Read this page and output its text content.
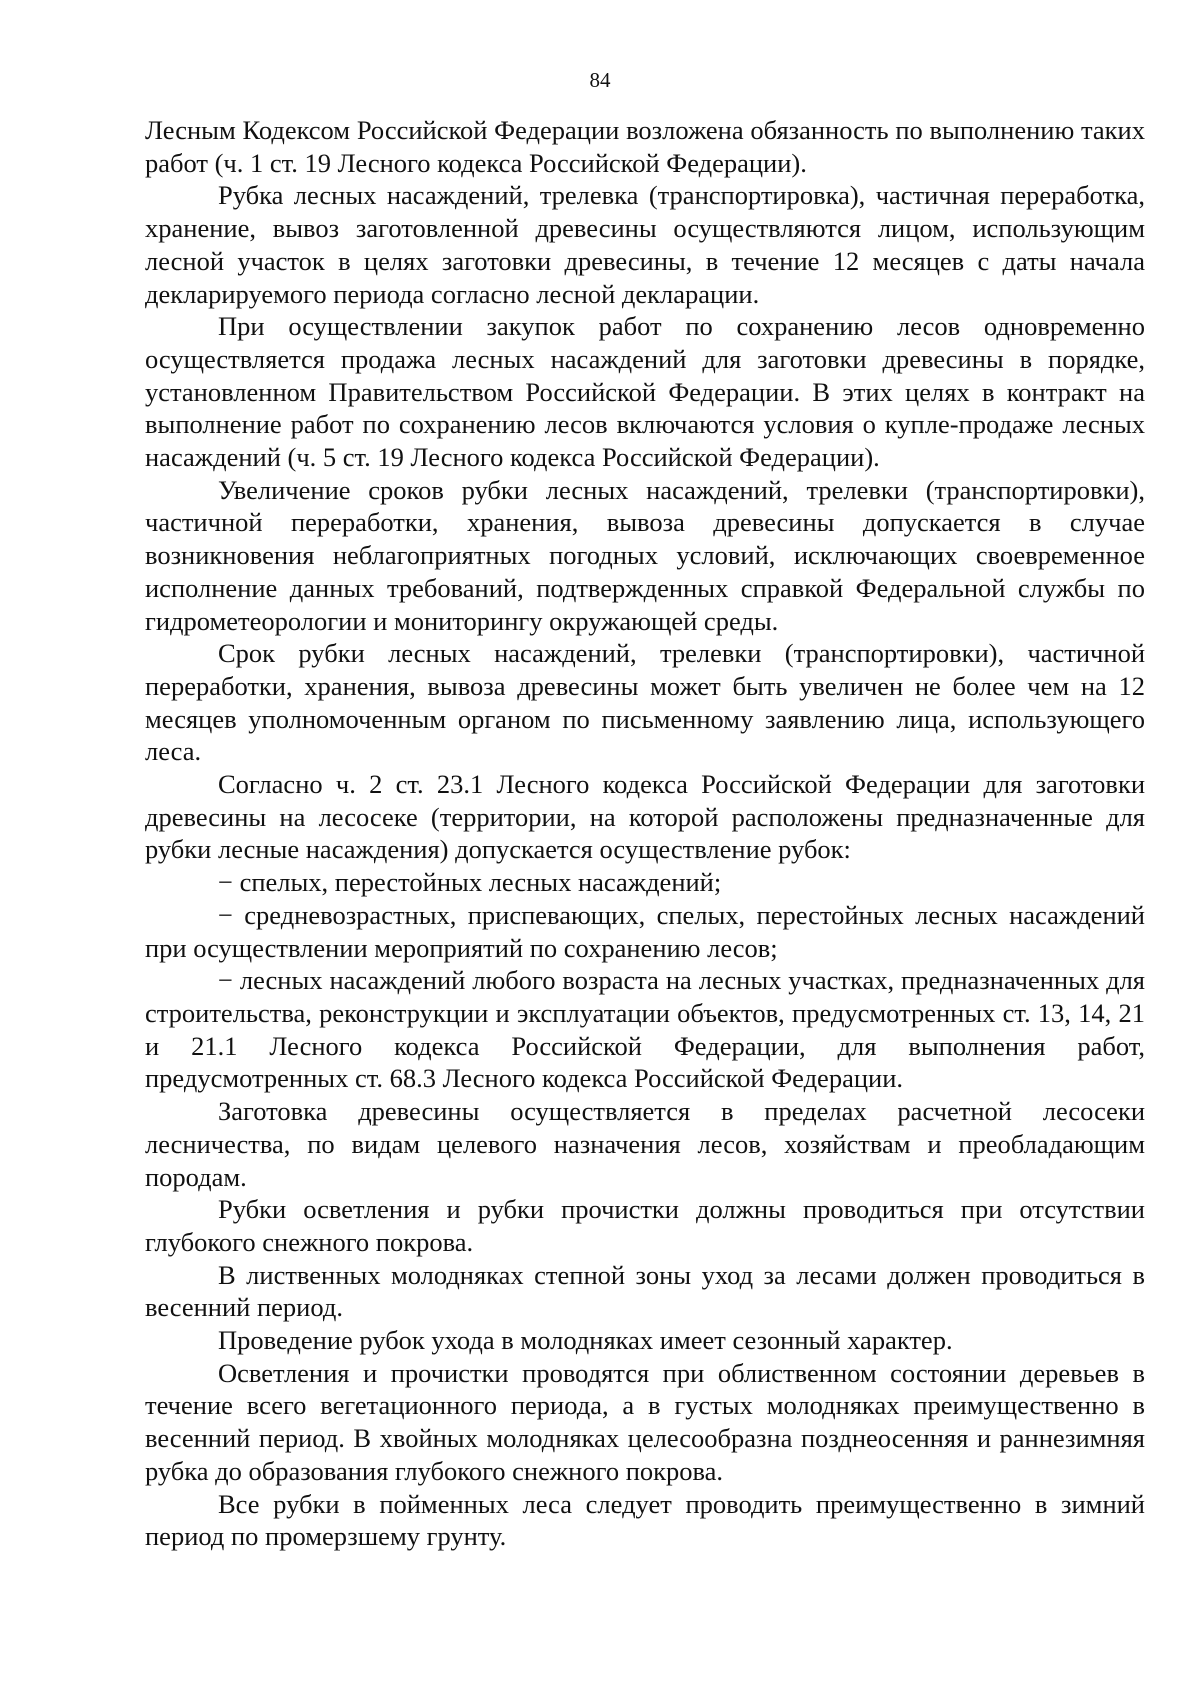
84

Лесным Кодексом Российской Федерации возложена обязанность по выполнению таких работ (ч. 1 ст. 19 Лесного кодекса Российской Федерации).

Рубка лесных насаждений, трелевка (транспортировка), частичная переработка, хранение, вывоз заготовленной древесины осуществляются лицом, использующим лесной участок в целях заготовки древесины, в течение 12 месяцев с даты начала декларируемого периода согласно лесной декларации.

При осуществлении закупок работ по сохранению лесов одновременно осуществляется продажа лесных насаждений для заготовки древесины в порядке, установленном Правительством Российской Федерации. В этих целях в контракт на выполнение работ по сохранению лесов включаются условия о купле-продаже лесных насаждений (ч. 5 ст. 19 Лесного кодекса Российской Федерации).

Увеличение сроков рубки лесных насаждений, трелевки (транспортировки), частичной переработки, хранения, вывоза древесины допускается в случае возникновения неблагоприятных погодных условий, исключающих своевременное исполнение данных требований, подтвержденных справкой Федеральной службы по гидрометеорологии и мониторингу окружающей среды.

Срок рубки лесных насаждений, трелевки (транспортировки), частичной переработки, хранения, вывоза древесины может быть увеличен не более чем на 12 месяцев уполномоченным органом по письменному заявлению лица, использующего леса.

Согласно ч. 2 ст. 23.1 Лесного кодекса Российской Федерации для заготовки древесины на лесосеке (территории, на которой расположены предназначенные для рубки лесные насаждения) допускается осуществление рубок:

− спелых, перестойных лесных насаждений;

− средневозрастных, приспевающих, спелых, перестойных лесных насаждений при осуществлении мероприятий по сохранению лесов;

− лесных насаждений любого возраста на лесных участках, предназначенных для строительства, реконструкции и эксплуатации объектов, предусмотренных ст. 13, 14, 21 и 21.1 Лесного кодекса Российской Федерации, для выполнения работ, предусмотренных ст. 68.3 Лесного кодекса Российской Федерации.

Заготовка древесины осуществляется в пределах расчетной лесосеки лесничества, по видам целевого назначения лесов, хозяйствам и преобладающим породам.

Рубки осветления и рубки прочистки должны проводиться при отсутствии глубокого снежного покрова.

В лиственных молодняках степной зоны уход за лесами должен проводиться в весенний период.

Проведение рубок ухода в молодняках имеет сезонный характер.

Осветления и прочистки проводятся при облиственном состоянии деревьев в течение всего вегетационного периода, а в густых молодняках преимущественно в весенний период. В хвойных молодняках целесообразна позднеосенняя и раннезимняя рубка до образования глубокого снежного покрова.

Все рубки в пойменных леса следует проводить преимущественно в зимний период по промерзшему грунту.
